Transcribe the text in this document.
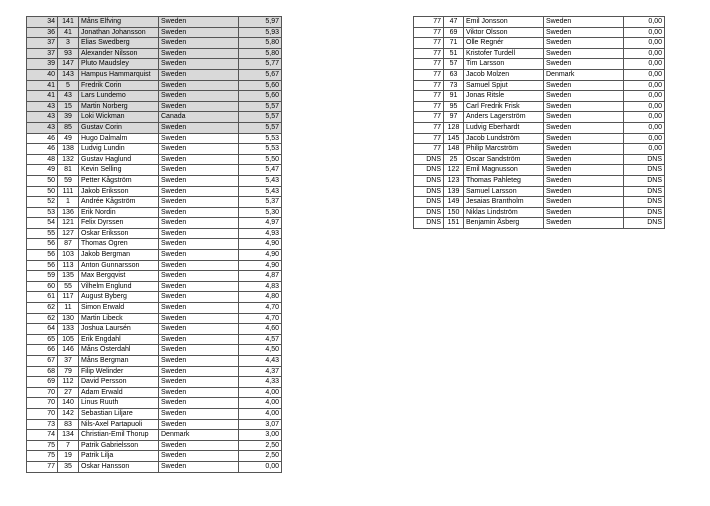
34	141	Måns Elfving	Sweden	5,97
36	41	Jonathan Johansson	Sweden	5,93
37	3	Elias Swedberg	Sweden	5,80
37	93	Alexander Nilsson	Sweden	5,80
39	147	Pluto Maudsley	Sweden	5,77
40	143	Hampus Hammarquist	Sweden	5,67
41	5	Fredrik Corin	Sweden	5,60
41	43	Lars Lundemo	Sweden	5,60
43	15	Martin Norberg	Sweden	5,57
43	39	Loki Wickman	Canada	5,57
43	85	Gustav Corin	Sweden	5,57
46	49	Hugo Dalmalm	Sweden	5,53
46	138	Ludvig Lundin	Sweden	5,53
48	132	Gustav Haglund	Sweden	5,50
49	81	Kevin Selling	Sweden	5,47
50	59	Petter Kågström	Sweden	5,43
50	111	Jakob Eriksson	Sweden	5,43
52	1	Andrée Kågström	Sweden	5,37
53	136	Erik Nordin	Sweden	5,30
54	121	Felix Dyrssen	Sweden	4,97
55	127	Oskar Eriksson	Sweden	4,93
56	87	Thomas Ögren	Sweden	4,90
56	103	Jakob Bergman	Sweden	4,90
56	113	Anton Gunnarsson	Sweden	4,90
59	135	Max Bergqvist	Sweden	4,87
60	55	Vilhelm Englund	Sweden	4,83
61	117	August Byberg	Sweden	4,80
62	11	Simon Erwald	Sweden	4,70
62	130	Martin Libeck	Sweden	4,70
64	133	Joshua Laursén	Sweden	4,60
65	105	Erik Engdahl	Sweden	4,57
66	146	Måns Österdahl	Sweden	4,50
67	37	Måns Bergman	Sweden	4,43
68	79	Filip Welinder	Sweden	4,37
69	112	David Persson	Sweden	4,33
70	27	Adam Erwald	Sweden	4,00
70	140	Linus Ruuth	Sweden	4,00
70	142	Sebastian Liljare	Sweden	4,00
73	83	Nils-Axel Partapuoli	Sweden	3,07
74	134	Christian-Emil Thorup	Denmark	3,00
75	7	Patrik Gabrielsson	Sweden	2,50
75	19	Patrik Lilja	Sweden	2,50
77	35	Oskar Hansson	Sweden	0,00
77	47	Emil Jonsson	Sweden	0,00
77	69	Viktor Olsson	Sweden	0,00
77	71	Olle Regnér	Sweden	0,00
77	51	Kristofer Turdell	Sweden	0,00
77	57	Tim Larsson	Sweden	0,00
77	63	Jacob Molzen	Denmark	0,00
77	73	Samuel Spjut	Sweden	0,00
77	91	Jonas Ritsle	Sweden	0,00
77	95	Carl Fredrik Frisk	Sweden	0,00
77	97	Anders Lagerström	Sweden	0,00
77	128	Ludvig Eberhardt	Sweden	0,00
77	145	Jacob Lundström	Sweden	0,00
77	148	Philip Marcström	Sweden	0,00
DNS	25	Oscar Sandström	Sweden	DNS
DNS	122	Emil Magnusson	Sweden	DNS
DNS	123	Thomas Pahleteg	Sweden	DNS
DNS	139	Samuel Larsson	Sweden	DNS
DNS	149	Jesaias Brantholm	Sweden	DNS
DNS	150	Niklas Lindström	Sweden	DNS
DNS	151	Benjamin Åsberg	Sweden	DNS
